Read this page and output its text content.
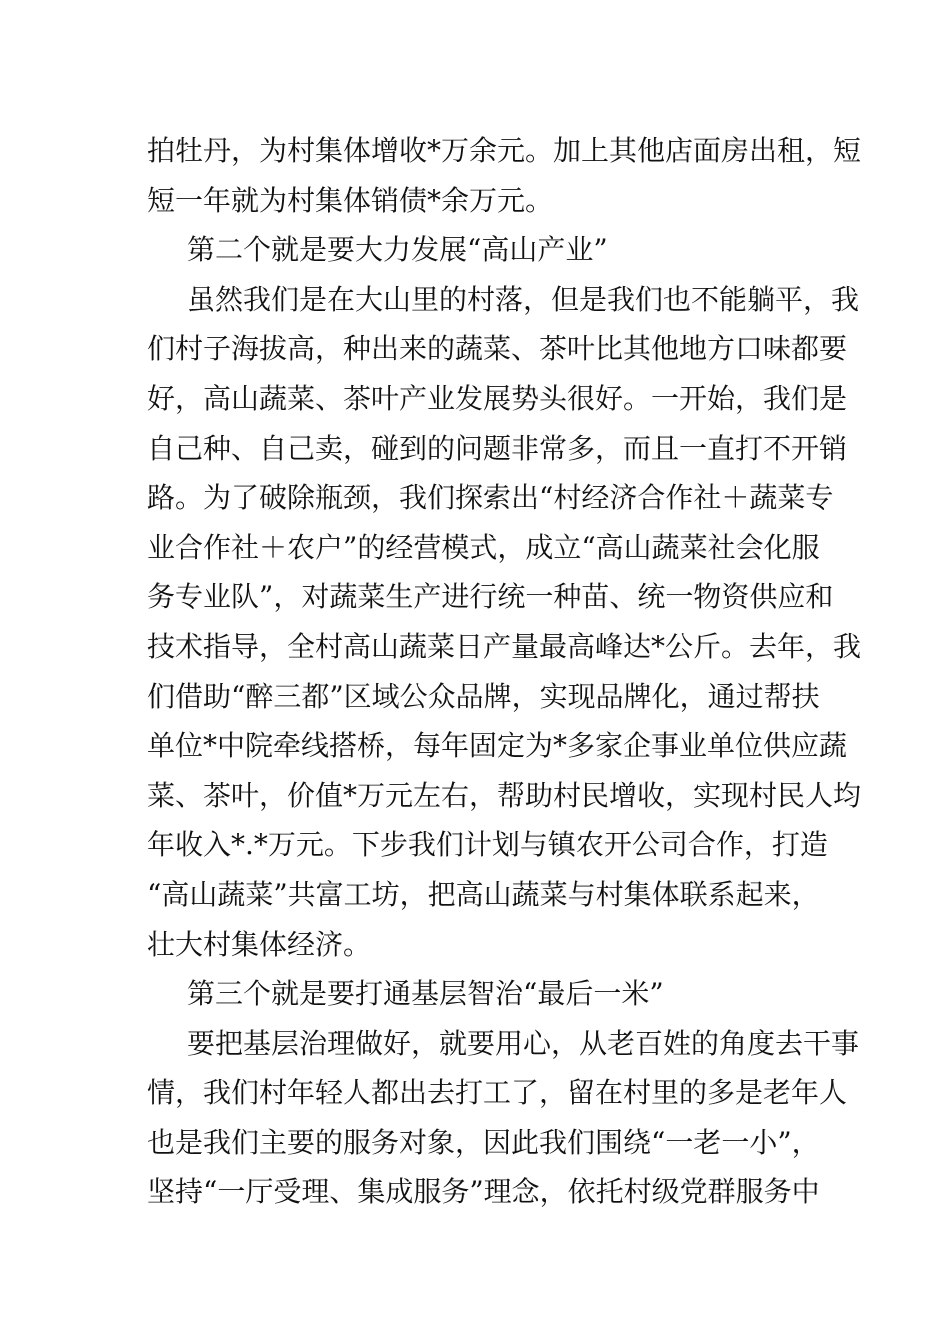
拍牡丹，为村集体增收*万余元。加上其他店面房出租，短
短一年就为村集体销债*余万元。
第二个就是要大力发展“高山产业”
虽然我们是在大山里的村落，但是我们也不能躺平，我
们村子海拔高，种出来的蔬菜、茶叶比其他地方口味都要
好，高山蔬菜、茶叶产业发展势头很好。一开始，我们是
自己种、自己卖，碰到的问题非常多，而且一直打不开销
路。为了破除瓶颈，我们探索出“村经济合作社＋蔬菜专
业合作社＋农户”的经营模式，成立“高山蔬菜社会化服
务专业队”，对蔬菜生产进行统一种苗、统一物资供应和
技术指导，全村高山蔬菜日产量最高峰达*公斤。去年，我
们借助“醉三都”区域公众品牌，实现品牌化，通过帮扶
单位*中院牵线搭桥，每年固定为*多家企事业单位供应蔬
菜、茶叶，价值*万元左右，帮助村民增收，实现村民人均
年收入*.*万元。下步我们计划与镇农开公司合作，打造
“高山蔬菜”共富工坊，把高山蔬菜与村集体联系起来，
壮大村集体经济。
第三个就是要打通基层智治“最后一米”
要把基层治理做好，就要用心，从老百姓的角度去干事
情，我们村年轻人都出去打工了，留在村里的多是老年人
也是我们主要的服务对象，因此我们围绕“一老一小”，
坚持“一厅受理、集成服务”理念，依托村级党群服务中
